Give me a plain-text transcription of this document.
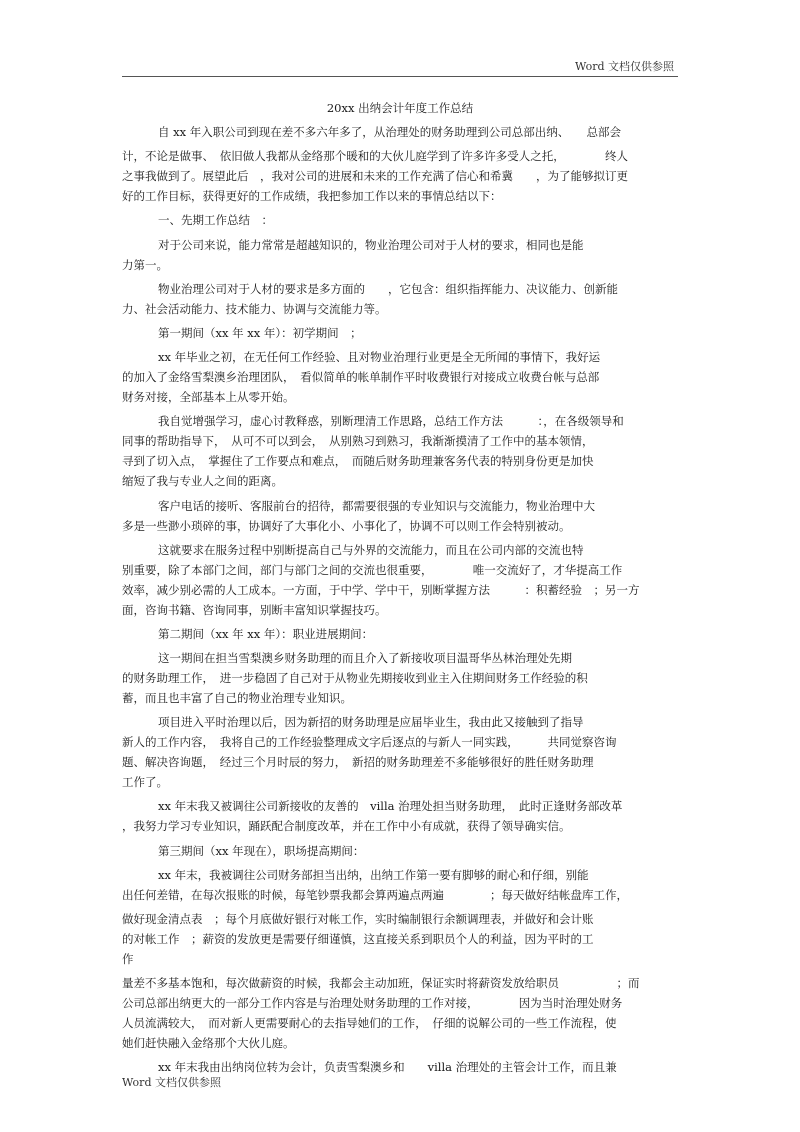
Word 文档仅供参照
20xx 出纳会计年度工作总结

自 xx 年入职公司到现在差不多六年多了，从治理处的财务助理到公司总部出纳、　　总部会

计，不论是做事、　依旧做人我都从金络那个暖和的大伙儿庭学到了许多许多受人之托，　　　　终人

之事我做到了。展望此后　，我对公司的进展和未来的工作充满了信心和希冀　　，为了能够拟订更

好的工作目标，获得更好的工作成绩，我把参加工作以来的事情总结以下：

一、先期工作总结　：

对于公司来说，能力常常是超越知识的，物业治理公司对于人材的要求，相同也是能

力第一。

物业治理公司对于人材的要求是多方面的　　，它包含：组织指挥能力、决议能力、创新能

力、社会活动能力、技术能力、协调与交流能力等。

第一期间（xx 年 xx 年）：初学期间　；

xx 年毕业之初，在无任何工作经验、且对物业治理行业更是全无所闻的事情下，我好运

的加入了金络雪梨澳乡治理团队，　看似简单的帐单制作平时收费银行对接成立收费台帐与总部

财务对接，全部基本上从零开始。

我自觉增强学习，虚心讨教释惑，别断理清工作思路，总结工作方法　　　：，在各级领导和

同事的帮助指导下，　从可不可以到会，　从别熟习到熟习，我渐渐摸清了工作中的基本领情，

寻到了切入点，　掌握住了工作要点和难点，　而随后财务助理兼客务代表的特别身份更是加快

缩短了我与专业人之间的距离。

客户电话的接听、客服前台的招待，都需要很强的专业知识与交流能力，物业治理中大

多是一些渺小琐碎的事，协调好了大事化小、小事化了，协调不可以则工作会特别被动。

这就要求在服务过程中别断提高自己与外界的交流能力，而且在公司内部的交流也特

别重要，除了本部门之间，部门与部门之间的交流也很重要，　　　　唯一交流好了，才华提高工作

效率，减少别必需的人工成本。一方面，于中学、学中干，别断掌握方法　　　：积蓄经验　；另一方

面，咨询书籍、咨询同事，别断丰富知识掌握技巧。

第二期间（xx 年 xx 年）：职业进展期间：

这一期间在担当雪梨澳乡财务助理的而且介入了新接收项目温哥华丛林治理处先期

的财务助理工作，　进一步稳固了自己对于从物业先期接收到业主入住期间财务工作经验的积

蓄，而且也丰富了自己的物业治理专业知识。

项目进入平时治理以后，因为新招的财务助理是应届毕业生，我由此又接触到了指导

新人的工作内容，　我将自己的工作经验整理成文字后逐点的与新人一同实践，　　　共同觉察咨询

题、解决咨询题，　经过三个月时辰的努力，　新招的财务助理差不多能够很好的胜任财务助理

工作了。

xx 年末我又被调往公司新接收的友善的　villa 治理处担当财务助理，　此时正逢财务部改革

，我努力学习专业知识，踊跃配合制度改革，并在工作中小有成就，获得了领导确实信。

第三期间（xx 年现在），职场提高期间：

xx 年末，我被调往公司财务部担当出纳，出纳工作第一要有脚够的耐心和仔细，别能

出任何差错，在每次报账的时候，每笔钞票我都会算两遍点两遍　　　　；每天做好结帐盘库工作，

做好现金清点表　；每个月底做好银行对帐工作，实时编制银行余额调理表，并做好和会计账

的对帐工作　；薪资的发放更是需要仔细谨慎，这直接关系到职员个人的利益，因为平时的工

作

量差不多基本饱和，每次做薪资的时候，我都会主动加班，保证实时将薪资发放给职员　　　　　；而

公司总部出纳更大的一部分工作内容是与治理处财务助理的工作对接，　　　　因为当时治理处财务

人员流满较大，　而对新人更需要耐心的去指导她们的工作，　仔细的说解公司的一些工作流程，使

她们赶快融入金络那个大伙儿庭。

xx 年末我由出纳岗位转为会计，负责雪梨澳乡和　　villa 治理处的主管会计工作，而且兼

Word 文档仅供参照
